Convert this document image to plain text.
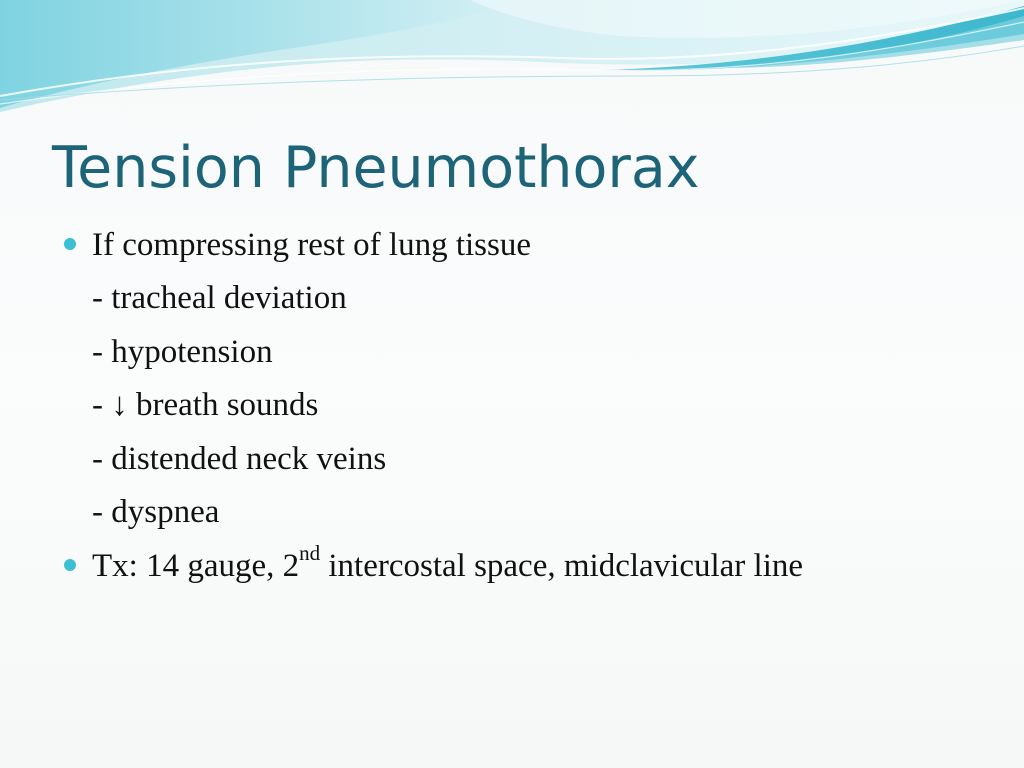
Tension Pneumothorax
If compressing rest of lung tissue
- tracheal deviation
- hypotension
- ↓ breath sounds
- distended neck veins
- dyspnea
Tx: 14 gauge, 2nd intercostal space, midclavicular line
